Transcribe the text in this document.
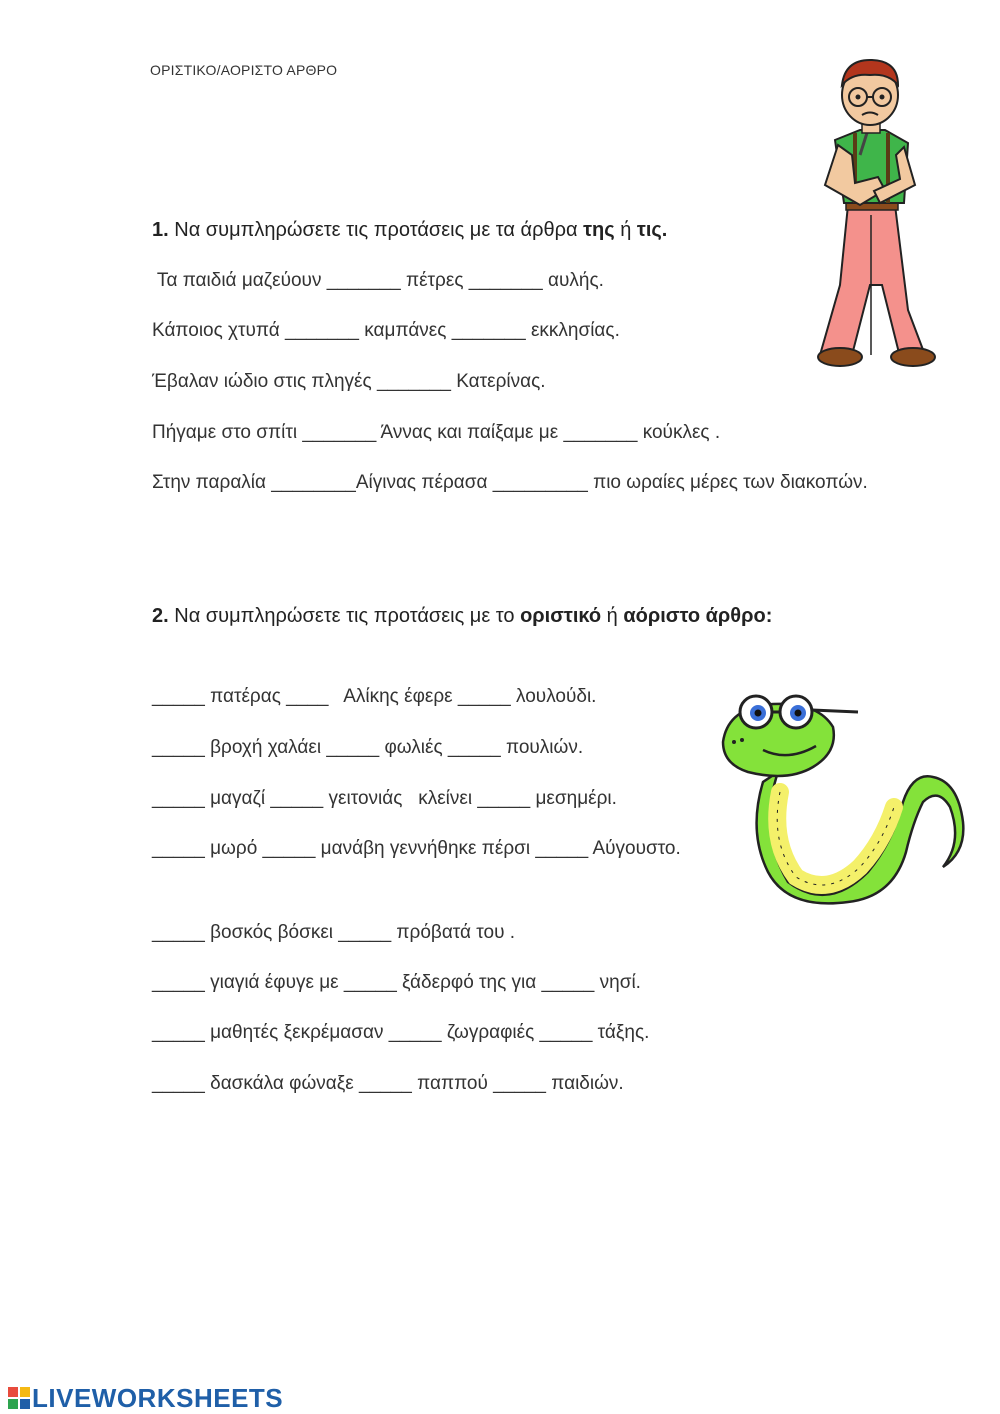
ΟΡΙΣΤΙΚΟ/ΑΟΡΙΣΤΟ ΑΡΘΡΟ
1. Να συμπληρώσετε τις προτάσεις με τα άρθρα της ή τις.
Τα παιδιά μαζεύουν _______ πέτρες _______ αυλής.
Κάποιος χτυπά _______ καμπάνες _______ εκκλησίας.
Έβαλαν ιώδιο στις πληγές _______ Κατερίνας.
Πήγαμε στο σπίτι _______ Άννας και παίξαμε με _______ κούκλες .
Στην παραλία ________Αίγινας πέρασα _________ πιο ωραίες μέρες των διακοπών.
2. Να συμπληρώσετε τις προτάσεις με το οριστικό ή αόριστο άρθρο:
_____ πατέρας ____   Αλίκης έφερε _____ λουλούδι.
_____ βροχή χαλάει _____ φωλιές _____ πουλιών.
_____ μαγαζί _____ γειτονιάς   κλείνει _____ μεσημέρι.
_____ μωρό _____ μανάβη γεννήθηκε πέρσι _____ Αύγουστο.
_____ βοσκός βόσκει _____ πρόβατά του .
_____ γιαγιά έφυγε με _____ ξάδερφό της για _____ νησί.
_____ μαθητές ξεκρέμασαν _____ ζωγραφιές _____ τάξης.
_____ δασκάλα φώναξε _____ παππού _____ παιδιών.
LIVEWORKSHEETS
